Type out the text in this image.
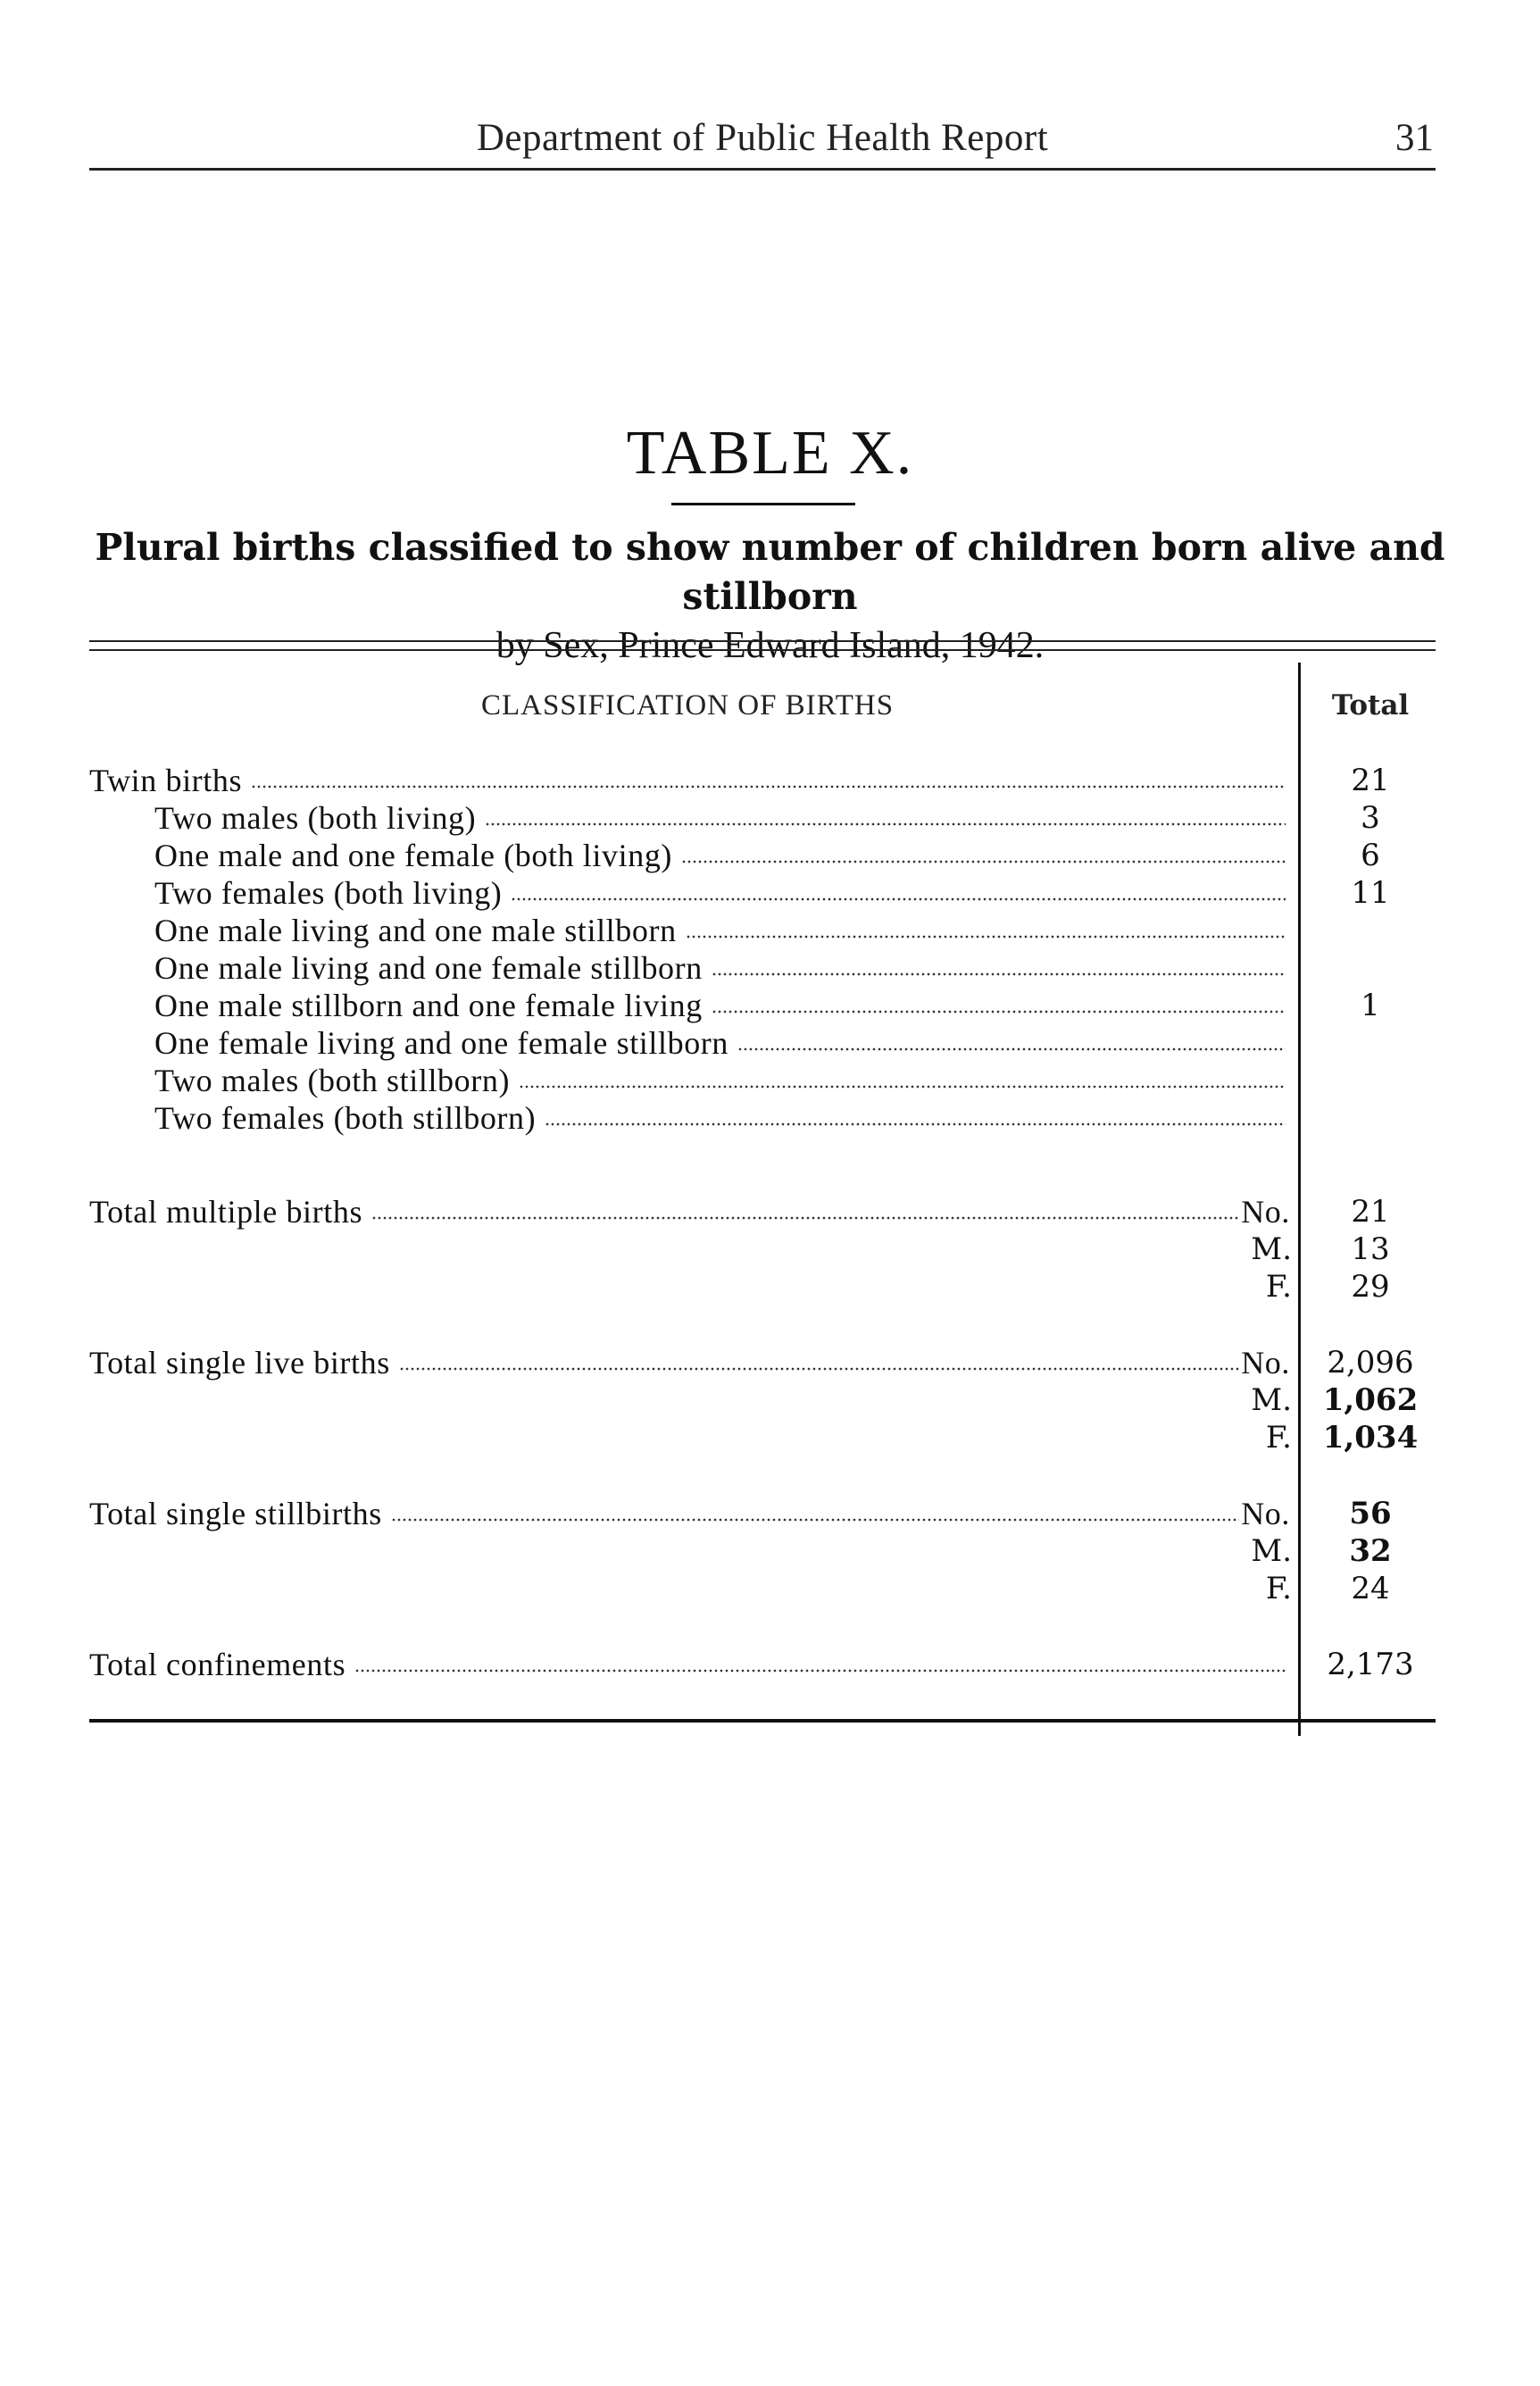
Department of Public Health Report	31
TABLE X.
Plural births classified to show number of children born alive and stillborn
by Sex, Prince Edward Island, 1942.
CLASSIFICATION OF BIRTHS	Total
Twin births	21
Two males (both living)	3
One male and one female (both living)	6
Two females (both living)	11
One male living and one male stillborn
One male living and one female stillborn
One male stillborn and one female living	1
One female living and one female stillborn
Two males (both stillborn)
Two females (both stillborn)
Total multiple births	No.	21
M.	13
F.	29
Total single live births	No.	2,096
M.	1,062
F.	1,034
Total single stillbirths	No.	56
M.	32
F.	24
Total confinements	2,173
